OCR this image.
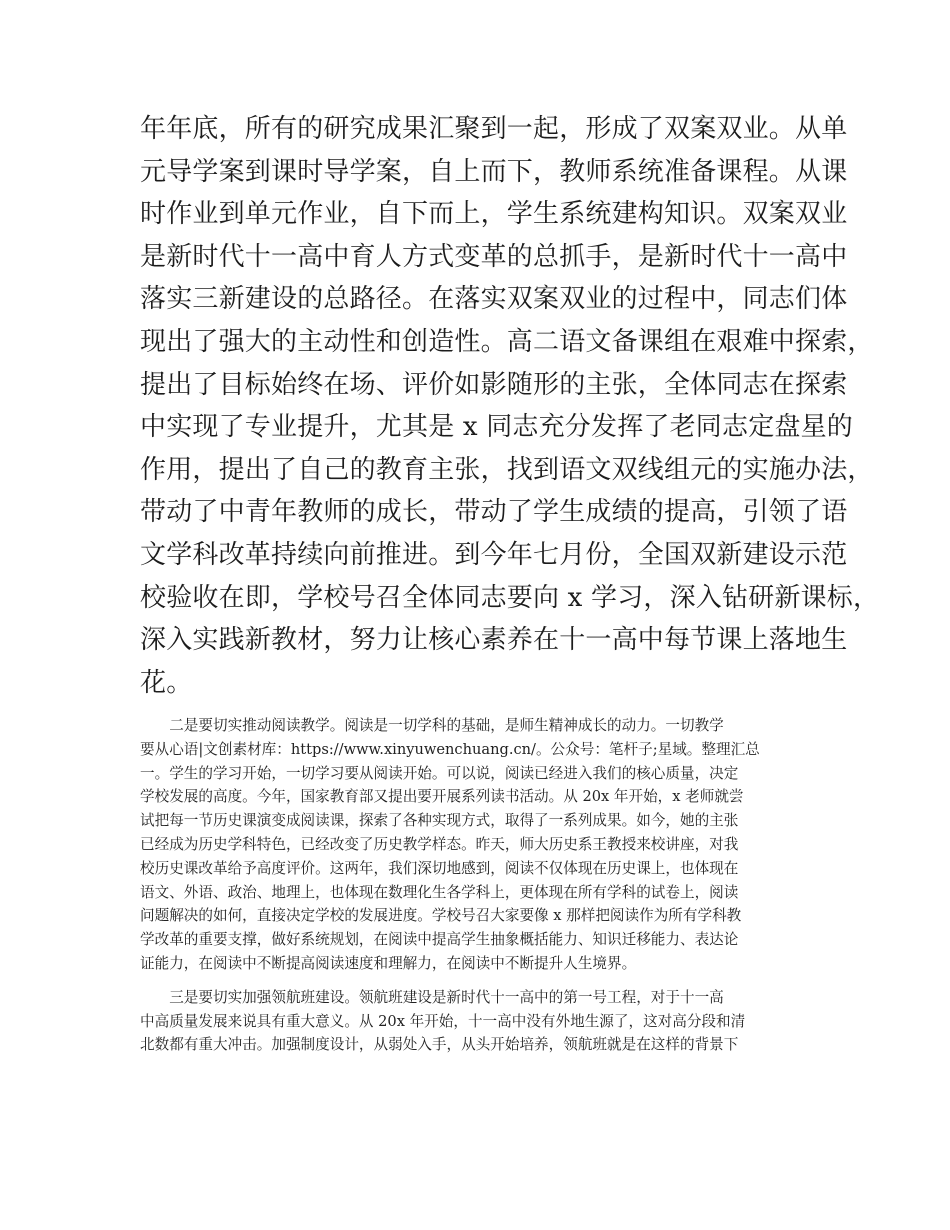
年年底，所有的研究成果汇聚到一起，形成了双案双业。从单
元导学案到课时导学案，自上而下，教师系统准备课程。从课
时作业到单元作业，自下而上，学生系统建构知识。双案双业
是新时代十一高中育人方式变革的总抓手，是新时代十一高中
落实三新建设的总路径。在落实双案双业的过程中，同志们体
现出了强大的主动性和创造性。高二语文备课组在艰难中探索，
提出了目标始终在场、评价如影随形的主张，全体同志在探索
中实现了专业提升，尤其是 x 同志充分发挥了老同志定盘星的
作用，提出了自己的教育主张，找到语文双线组元的实施办法，
带动了中青年教师的成长，带动了学生成绩的提高，引领了语
文学科改革持续向前推进。到今年七月份，全国双新建设示范
校验收在即，学校号召全体同志要向 x 学习，深入钻研新课标，
深入实践新教材，努力让核心素养在十一高中每节课上落地生
花。
　　二是要切实推动阅读教学。阅读是一切学科的基础，是师生精神成长的动力。一切教学
要从心语|文创素材库：https://www.xinyuwenchuang.cn/。公众号：笔杆子;星域。整理汇总
一。学生的学习开始，一切学习要从阅读开始。可以说，阅读已经进入我们的核心质量，决定
学校发展的高度。今年，国家教育部又提出要开展系列读书活动。从 20x 年开始，x 老师就尝
试把每一节历史课演变成阅读课，探索了各种实现方式，取得了一系列成果。如今，她的主张
已经成为历史学科特色，已经改变了历史教学样态。昨天，师大历史系王教授来校讲座，对我
校历史课改革给予高度评价。这两年，我们深切地感到，阅读不仅体现在历史课上，也体现在
语文、外语、政治、地理上，也体现在数理化生各学科上，更体现在所有学科的试卷上，阅读
问题解决的如何，直接决定学校的发展进度。学校号召大家要像 x 那样把阅读作为所有学科教
学改革的重要支撑，做好系统规划，在阅读中提高学生抽象概括能力、知识迁移能力、表达论
证能力，在阅读中不断提高阅读速度和理解力，在阅读中不断提升人生境界。
　　三是要切实加强领航班建设。领航班建设是新时代十一高中的第一号工程，对于十一高
中高质量发展来说具有重大意义。从 20x 年开始，十一高中没有外地生源了，这对高分段和清
北数都有重大冲击。加强制度设计，从弱处入手，从头开始培养，领航班就是在这样的背景下
